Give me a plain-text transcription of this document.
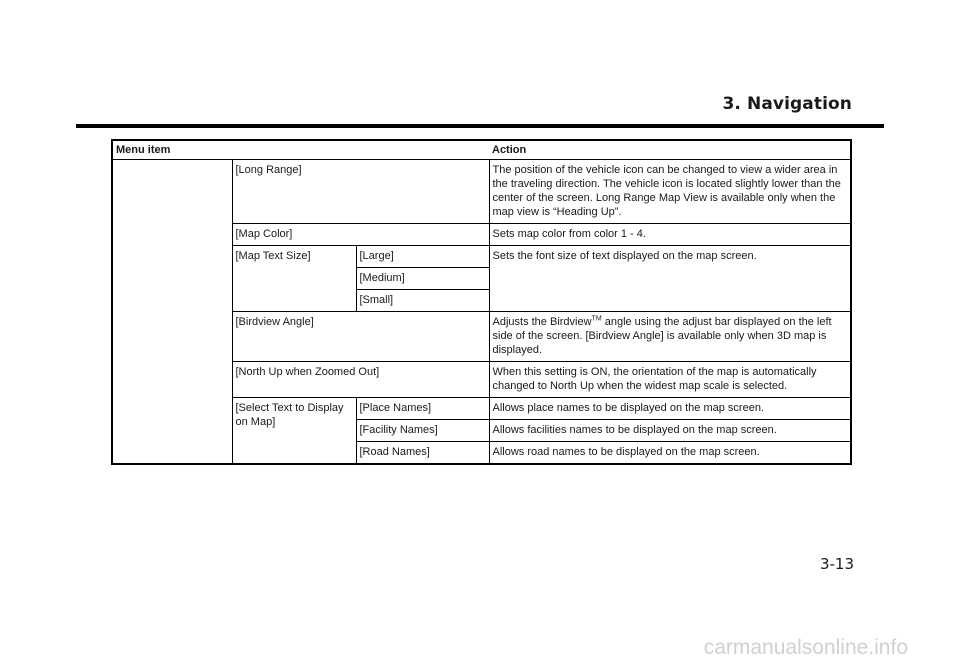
3. Navigation
Menu item			Action
	[Long Range]		The position of the vehicle icon can be changed to view a wider area in the traveling direction. The vehicle icon is located slightly lower than the center of the screen. Long Range Map View is available only when the map view is “Heading Up”.
	[Map Color]		Sets map color from color 1 - 4.
	[Map Text Size]	[Large]	Sets the font size of text displayed on the map screen.
		[Medium]	
		[Small]	
	[Birdview Angle]		Adjusts the Birdview™ angle using the adjust bar displayed on the left side of the screen. [Birdview Angle] is available only when 3D map is displayed.
	[North Up when Zoomed Out]		When this setting is ON, the orientation of the map is automatically changed to North Up when the widest map scale is selected.
	[Select Text to Display on Map]	[Place Names]	Allows place names to be displayed on the map screen.
		[Facility Names]	Allows facilities names to be displayed on the map screen.
		[Road Names]	Allows road names to be displayed on the map screen.
3-13
carmanualsonline.info
